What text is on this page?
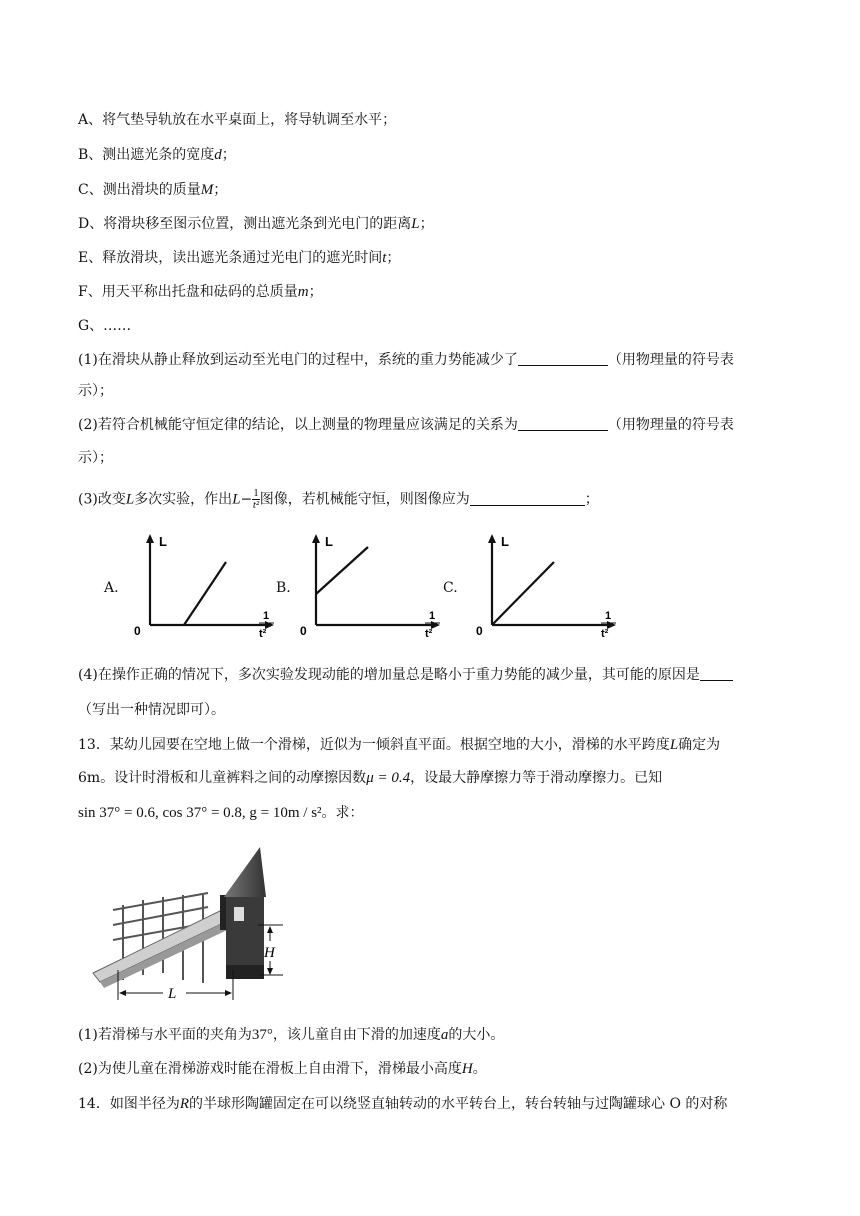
A、将气垫导轨放在水平桌面上，将导轨调至水平；
B、测出遮光条的宽度d；
C、测出滑块的质量M；
D、将滑块移至图示位置，测出遮光条到光电门的距离L；
E、释放滑块，读出遮光条通过光电门的遮光时间t；
F、用天平称出托盘和砝码的总质量m；
G、……
(1)在滑块从静止释放到运动至光电门的过程中，系统的重力势能减少了	（用物理量的符号表
示）；
(2)若符合机械能守恒定律的结论，以上测量的物理量应该满足的关系为	（用物理量的符号表
示）；
(3)改变L多次实验，作出$L- \frac{1}{\text{t²}}$ 图像，若机械能守恒，则图像应为	；
A.
L
0
1
t²
B.
L
0
1
t²
C.
L
0
1
t²
(4)在操作正确的情况下，多次实验发现动能的增加量总是略小于重力势能的减少量，其可能的原因是
（写出一种情况即可）。
13．某幼儿园要在空地上做一个滑梯，近似为一倾斜直平面。根据空地的大小，滑梯的水平跨度L确定为
6m。设计时滑板和儿童裤料之间的动摩擦因数μ = 0.4，设最大静摩擦力等于滑动摩擦力。已知
sin 37° = 0.6, cos 37° = 0.8, g = 10m / s²。求：
H
L
(1)若滑梯与水平面的夹角为37°，该儿童自由下滑的加速度a的大小。
(2)为使儿童在滑梯游戏时能在滑板上自由滑下，滑梯最小高度H。
14．如图半径为R的半球形陶罐固定在可以绕竖直轴转动的水平转台上，转台转轴与过陶罐球心 O 的对称
